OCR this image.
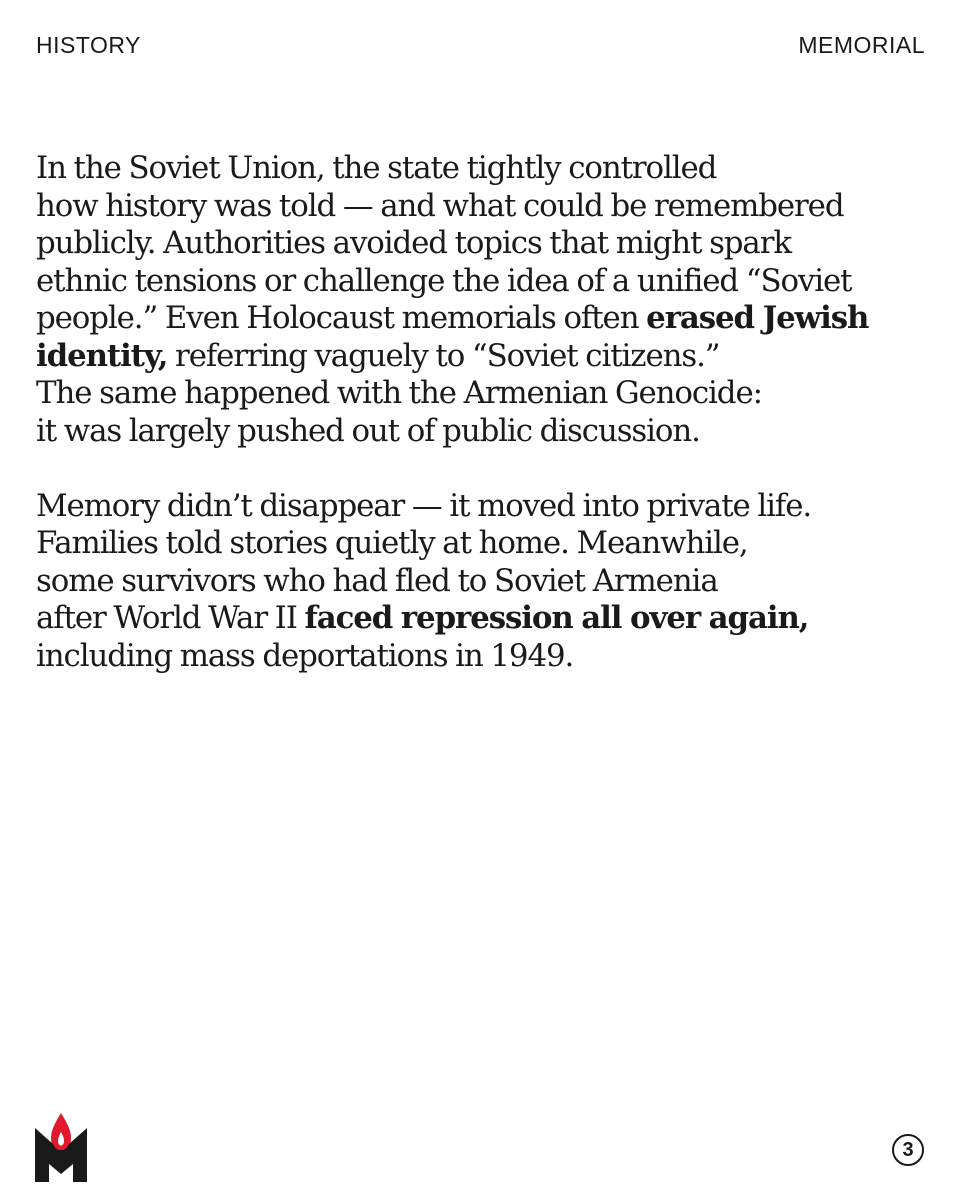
HISTORY	MEMORIAL

In the Soviet Union, the state tightly controlled
how history was told — and what could be remembered
publicly. Authorities avoided topics that might spark
ethnic tensions or challenge the idea of a unified “Soviet
people.” Even Holocaust memorials often erased Jewish
identity, referring vaguely to “Soviet citizens.”
The same happened with the Armenian Genocide:
it was largely pushed out of public discussion.

Memory didn’t disappear — it moved into private life.
Families told stories quietly at home. Meanwhile,
some survivors who had fled to Soviet Armenia
after World War II faced repression all over again,
including mass deportations in 1949.

3
